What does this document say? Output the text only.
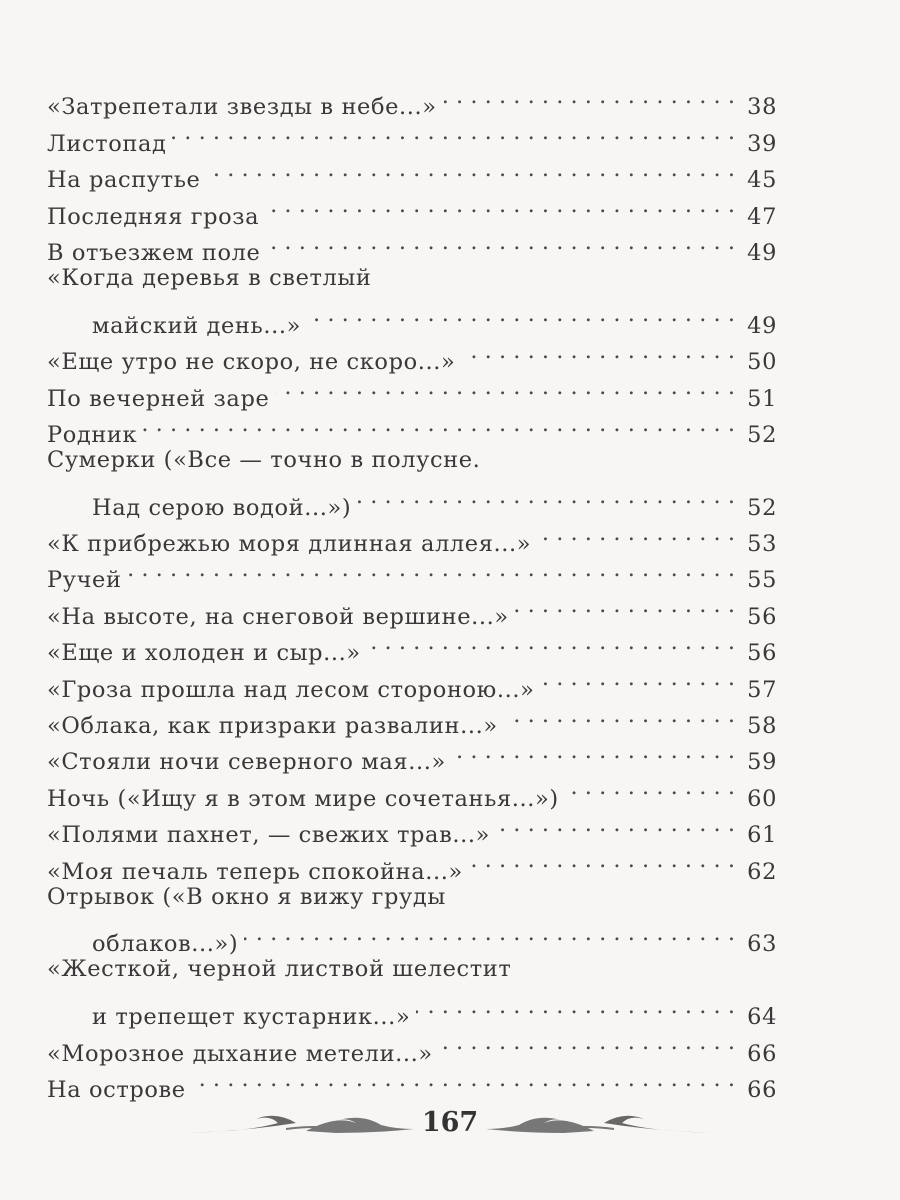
«Затрепетали звезды в небе...» . . .	38
Листопад . . .	39
На распутье . . .	45
Последняя гроза . . .	47
В отъезжем поле . . .	49
«Когда деревья в светлый
майский день...» . . .	49
«Еще утро не скоро, не скоро...» . . .	50
По вечерней заре . . .	51
Родник . . .	52
Сумерки («Все — точно в полусне.
Над серою водой...») . . .	52
«К прибрежью моря длинная аллея...» . . .	53
Ручей . . .	55
«На высоте, на снеговой вершине...» . . .	56
«Еще и холоден и сыр...» . . .	56
«Гроза прошла над лесом стороною...» . . .	57
«Облака, как призраки развалин...» . . .	58
«Стояли ночи северного мая...» . . .	59
Ночь («Ищу я в этом мире сочетанья...») . . .	60
«Полями пахнет, — свежих трав...» . . .	61
«Моя печаль теперь спокойна...» . . .	62
Отрывок («В окно я вижу груды
облаков...») . . .	63
«Жесткой, черной листвой шелестит
и трепещет кустарник...» . . .	64
«Морозное дыхание метели...» . . .	66
На острове . . .	66
167
